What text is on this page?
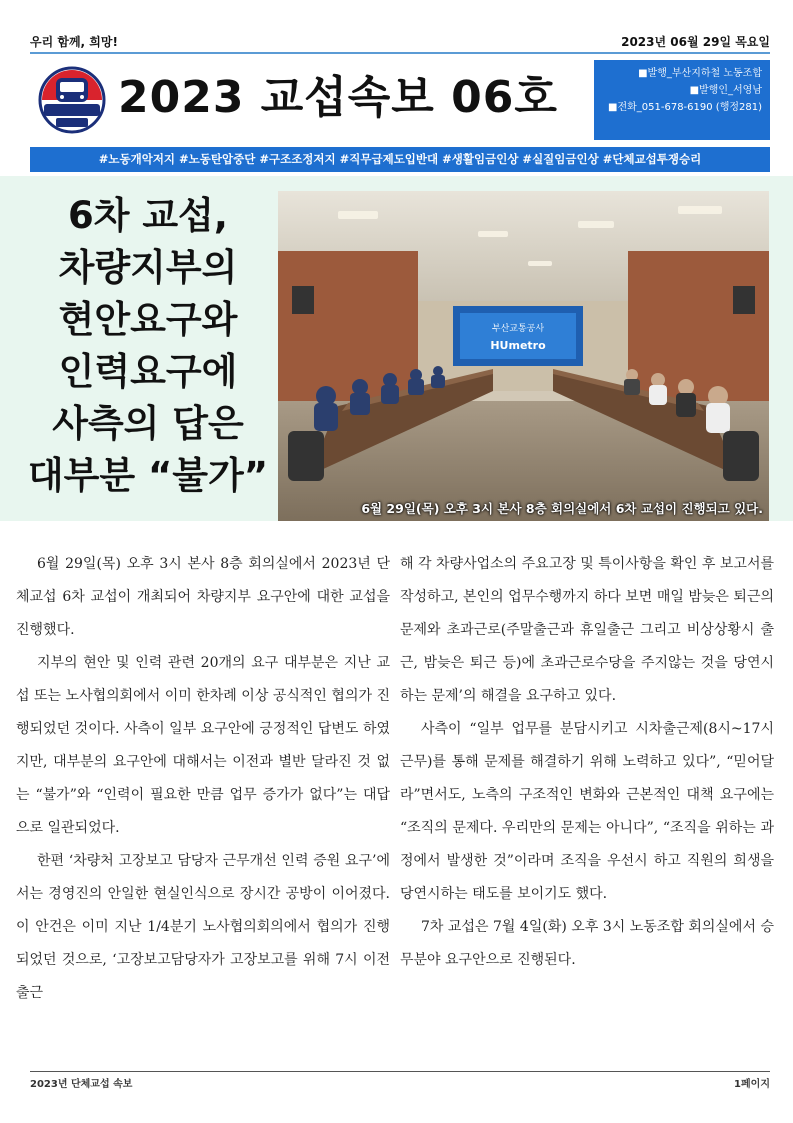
우리 함께, 희망!	2023년 06월 29일 목요일
2023 교섭속보 06호	■발행_부산지하철 노동조합
■발행인_서영남
■전화_051-678-6190 (행정281)
#노동개악저지 #노동탄압중단 #구조조정저지 #직무급제도입반대 #생활임금인상 #실질임금인상 #단체교섭투쟁승리
6차 교섭,
차량지부의
현안요구와
인력요구에
사측의 답은
대부분 “불가”
부산교통공사
HUmetro
6월 29일(목) 오후 3시 본사 8층 회의실에서 6차 교섭이 진행되고 있다.

6월 29일(목) 오후 3시 본사 8층 회의실에서 2023년 단체교섭 6차 교섭이 개최되어 차량지부 요구안에 대한 교섭을 진행했다.

지부의 현안 및 인력 관련 20개의 요구 대부분은 지난 교섭 또는 노사협의회에서 이미 한차례 이상 공식적인 협의가 진행되었던 것이다. 사측이 일부 요구안에 긍정적인 답변도 하였지만, 대부분의 요구안에 대해서는 이전과 별반 달라진 것 없는 “불가”와 “인력이 필요한 만큼 업무 증가가 없다”는 대답으로 일관되었다.

한편 ‘차량처 고장보고 담당자 근무개선 인력 증원 요구’에서는 경영진의 안일한 현실인식으로 장시간 공방이 이어졌다. 이 안건은 이미 지난 1/4분기 노사협의회의에서 협의가 진행되었던 것으로, ‘고장보고담당자가 고장보고를 위해 7시 이전 출근

해 각 차량사업소의 주요고장 및 특이사항을 확인 후 보고서를 작성하고, 본인의 업무수행까지 하다 보면 매일 밤늦은 퇴근의 문제와 초과근로(주말출근과 휴일출근 그리고 비상상황시 출근, 밤늦은 퇴근 등)에 초과근로수당을 주지않는 것을 당연시 하는 문제’의 해결을 요구하고 있다.

사측이 “일부 업무를 분담시키고 시차출근제(8시~17시 근무)를 통해 문제를 해결하기 위해 노력하고 있다”, “믿어달라”면서도, 노측의 구조적인 변화와 근본적인 대책 요구에는 “조직의 문제다. 우리만의 문제는 아니다”, “조직을 위하는 과정에서 발생한 것”이라며 조직을 우선시 하고 직원의 희생을 당연시하는 태도를 보이기도 했다.

7차 교섭은 7월 4일(화) 오후 3시 노동조합 회의실에서 승무분야 요구안으로 진행된다.

2023년 단체교섭 속보	1페이지
